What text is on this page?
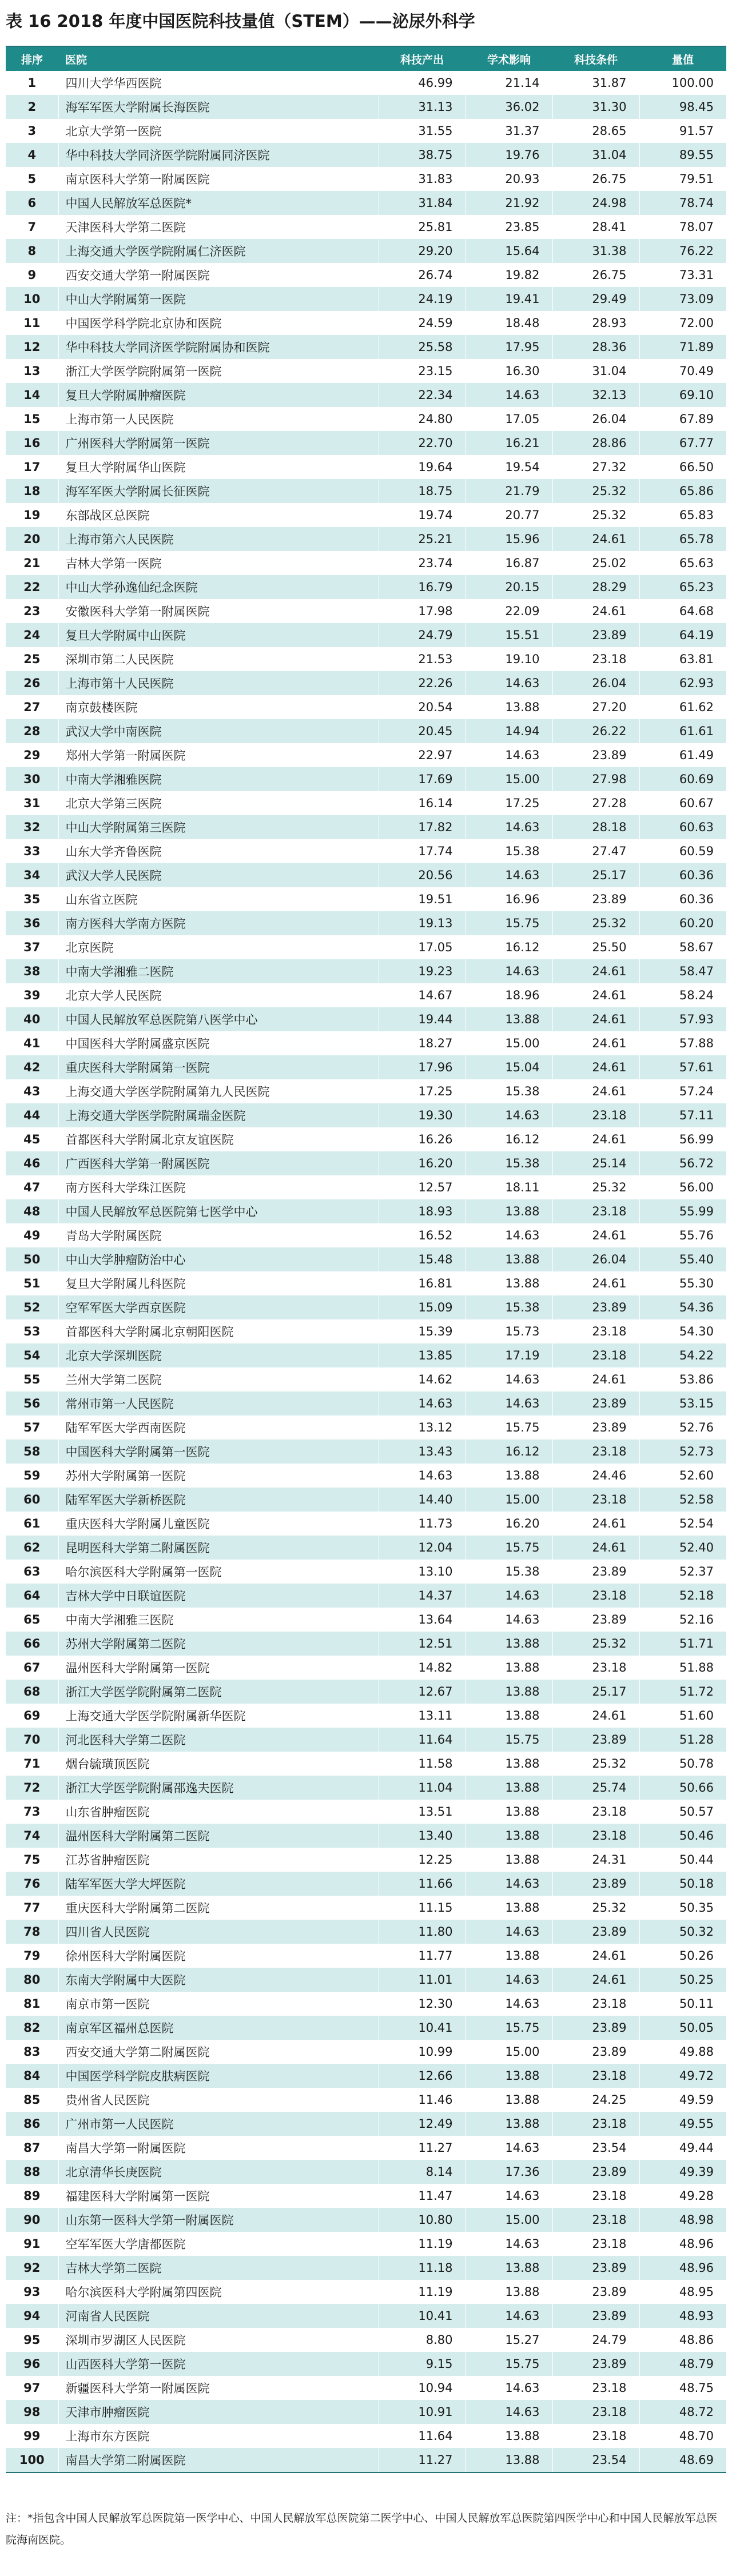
表 16 2018 年度中国医院科技量值（STEM）——泌尿外科学
排序	医院	科技产出	学术影响	科技条件	量值
1	四川大学华西医院	46.99	21.14	31.87	100.00
2	海军军医大学附属长海医院	31.13	36.02	31.30	98.45
3	北京大学第一医院	31.55	31.37	28.65	91.57
4	华中科技大学同济医学院附属同济医院	38.75	19.76	31.04	89.55
5	南京医科大学第一附属医院	31.83	20.93	26.75	79.51
6	中国人民解放军总医院*	31.84	21.92	24.98	78.74
7	天津医科大学第二医院	25.81	23.85	28.41	78.07
8	上海交通大学医学院附属仁济医院	29.20	15.64	31.38	76.22
9	西安交通大学第一附属医院	26.74	19.82	26.75	73.31
10	中山大学附属第一医院	24.19	19.41	29.49	73.09
11	中国医学科学院北京协和医院	24.59	18.48	28.93	72.00
12	华中科技大学同济医学院附属协和医院	25.58	17.95	28.36	71.89
13	浙江大学医学院附属第一医院	23.15	16.30	31.04	70.49
14	复旦大学附属肿瘤医院	22.34	14.63	32.13	69.10
15	上海市第一人民医院	24.80	17.05	26.04	67.89
16	广州医科大学附属第一医院	22.70	16.21	28.86	67.77
17	复旦大学附属华山医院	19.64	19.54	27.32	66.50
18	海军军医大学附属长征医院	18.75	21.79	25.32	65.86
19	东部战区总医院	19.74	20.77	25.32	65.83
20	上海市第六人民医院	25.21	15.96	24.61	65.78
21	吉林大学第一医院	23.74	16.87	25.02	65.63
22	中山大学孙逸仙纪念医院	16.79	20.15	28.29	65.23
23	安徽医科大学第一附属医院	17.98	22.09	24.61	64.68
24	复旦大学附属中山医院	24.79	15.51	23.89	64.19
25	深圳市第二人民医院	21.53	19.10	23.18	63.81
26	上海市第十人民医院	22.26	14.63	26.04	62.93
27	南京鼓楼医院	20.54	13.88	27.20	61.62
28	武汉大学中南医院	20.45	14.94	26.22	61.61
29	郑州大学第一附属医院	22.97	14.63	23.89	61.49
30	中南大学湘雅医院	17.69	15.00	27.98	60.69
31	北京大学第三医院	16.14	17.25	27.28	60.67
32	中山大学附属第三医院	17.82	14.63	28.18	60.63
33	山东大学齐鲁医院	17.74	15.38	27.47	60.59
34	武汉大学人民医院	20.56	14.63	25.17	60.36
35	山东省立医院	19.51	16.96	23.89	60.36
36	南方医科大学南方医院	19.13	15.75	25.32	60.20
37	北京医院	17.05	16.12	25.50	58.67
38	中南大学湘雅二医院	19.23	14.63	24.61	58.47
39	北京大学人民医院	14.67	18.96	24.61	58.24
40	中国人民解放军总医院第八医学中心	19.44	13.88	24.61	57.93
41	中国医科大学附属盛京医院	18.27	15.00	24.61	57.88
42	重庆医科大学附属第一医院	17.96	15.04	24.61	57.61
43	上海交通大学医学院附属第九人民医院	17.25	15.38	24.61	57.24
44	上海交通大学医学院附属瑞金医院	19.30	14.63	23.18	57.11
45	首都医科大学附属北京友谊医院	16.26	16.12	24.61	56.99
46	广西医科大学第一附属医院	16.20	15.38	25.14	56.72
47	南方医科大学珠江医院	12.57	18.11	25.32	56.00
48	中国人民解放军总医院第七医学中心	18.93	13.88	23.18	55.99
49	青岛大学附属医院	16.52	14.63	24.61	55.76
50	中山大学肿瘤防治中心	15.48	13.88	26.04	55.40
51	复旦大学附属儿科医院	16.81	13.88	24.61	55.30
52	空军军医大学西京医院	15.09	15.38	23.89	54.36
53	首都医科大学附属北京朝阳医院	15.39	15.73	23.18	54.30
54	北京大学深圳医院	13.85	17.19	23.18	54.22
55	兰州大学第二医院	14.62	14.63	24.61	53.86
56	常州市第一人民医院	14.63	14.63	23.89	53.15
57	陆军军医大学西南医院	13.12	15.75	23.89	52.76
58	中国医科大学附属第一医院	13.43	16.12	23.18	52.73
59	苏州大学附属第一医院	14.63	13.88	24.46	52.60
60	陆军军医大学新桥医院	14.40	15.00	23.18	52.58
61	重庆医科大学附属儿童医院	11.73	16.20	24.61	52.54
62	昆明医科大学第二附属医院	12.04	15.75	24.61	52.40
63	哈尔滨医科大学附属第一医院	13.10	15.38	23.89	52.37
64	吉林大学中日联谊医院	14.37	14.63	23.18	52.18
65	中南大学湘雅三医院	13.64	14.63	23.89	52.16
66	苏州大学附属第二医院	12.51	13.88	25.32	51.71
67	温州医科大学附属第一医院	14.82	13.88	23.18	51.88
68	浙江大学医学院附属第二医院	12.67	13.88	25.17	51.72
69	上海交通大学医学院附属新华医院	13.11	13.88	24.61	51.60
70	河北医科大学第二医院	11.64	15.75	23.89	51.28
71	烟台毓璜顶医院	11.58	13.88	25.32	50.78
72	浙江大学医学院附属邵逸夫医院	11.04	13.88	25.74	50.66
73	山东省肿瘤医院	13.51	13.88	23.18	50.57
74	温州医科大学附属第二医院	13.40	13.88	23.18	50.46
75	江苏省肿瘤医院	12.25	13.88	24.31	50.44
76	陆军军医大学大坪医院	11.66	14.63	23.89	50.18
77	重庆医科大学附属第二医院	11.15	13.88	25.32	50.35
78	四川省人民医院	11.80	14.63	23.89	50.32
79	徐州医科大学附属医院	11.77	13.88	24.61	50.26
80	东南大学附属中大医院	11.01	14.63	24.61	50.25
81	南京市第一医院	12.30	14.63	23.18	50.11
82	南京军区福州总医院	10.41	15.75	23.89	50.05
83	西安交通大学第二附属医院	10.99	15.00	23.89	49.88
84	中国医学科学院皮肤病医院	12.66	13.88	23.18	49.72
85	贵州省人民医院	11.46	13.88	24.25	49.59
86	广州市第一人民医院	12.49	13.88	23.18	49.55
87	南昌大学第一附属医院	11.27	14.63	23.54	49.44
88	北京清华长庚医院	8.14	17.36	23.89	49.39
89	福建医科大学附属第一医院	11.47	14.63	23.18	49.28
90	山东第一医科大学第一附属医院	10.80	15.00	23.18	48.98
91	空军军医大学唐都医院	11.19	14.63	23.18	48.96
92	吉林大学第二医院	11.18	13.88	23.89	48.96
93	哈尔滨医科大学附属第四医院	11.19	13.88	23.89	48.95
94	河南省人民医院	10.41	14.63	23.89	48.93
95	深圳市罗湖区人民医院	8.80	15.27	24.79	48.86
96	山西医科大学第一医院	9.15	15.75	23.89	48.79
97	新疆医科大学第一附属医院	10.94	14.63	23.18	48.75
98	天津市肿瘤医院	10.91	14.63	23.18	48.72
99	上海市东方医院	11.64	13.88	23.18	48.70
100	南昌大学第二附属医院	11.27	13.88	23.54	48.69
注：*指包含中国人民解放军总医院第一医学中心、中国人民解放军总医院第二医学中心、中国人民解放军总医院第四医学中心和中国人民解放军总医院海南医院。
